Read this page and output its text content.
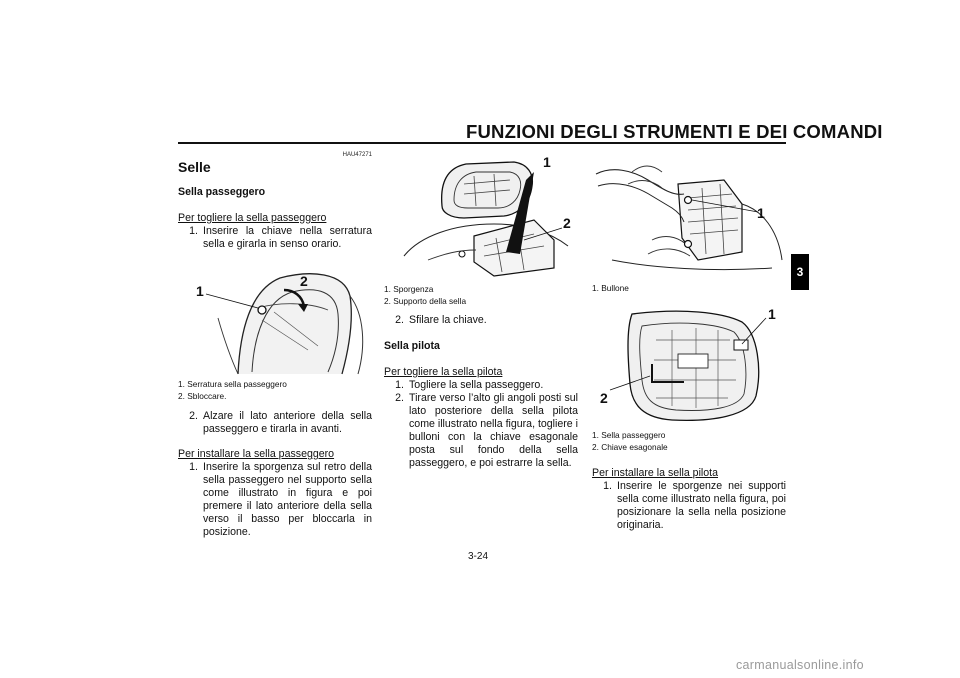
FUNZIONI DEGLI STRUMENTI E DEI COMANDI
3
HAU47271
Selle
Sella passeggero
Per togliere la sella passeggero
1. Inserire la chiave nella serratura sella e girarla in senso orario.
1
2
1. Serratura sella passeggero
2. Sbloccare.
2. Alzare il lato anteriore della sella passeggero e tirarla in avanti.
Per installare la sella passeggero
1. Inserire la sporgenza sul retro della sella passeggero nel supporto sella come illustrato in figura e poi premere il lato anteriore della sella verso il basso per bloccarla in posizione.
1
2
1. Sporgenza
2. Supporto della sella
2. Sfilare la chiave.
Sella pilota
Per togliere la sella pilota
1. Togliere la sella passeggero.
2. Tirare verso l’alto gli angoli posti sul lato posteriore della sella pilota come illustrato nella figura, togliere i bulloni con la chiave esagonale posta sul fondo della sella passeggero, e poi estrarre la sella.
1
1. Bullone
1
2
1. Sella passeggero
2. Chiave esagonale
Per installare la sella pilota
1. Inserire le sporgenze nei supporti sella come illustrato nella figura, poi posizionare la sella nella posizione originaria.
3-24
carmanualsonline.info
